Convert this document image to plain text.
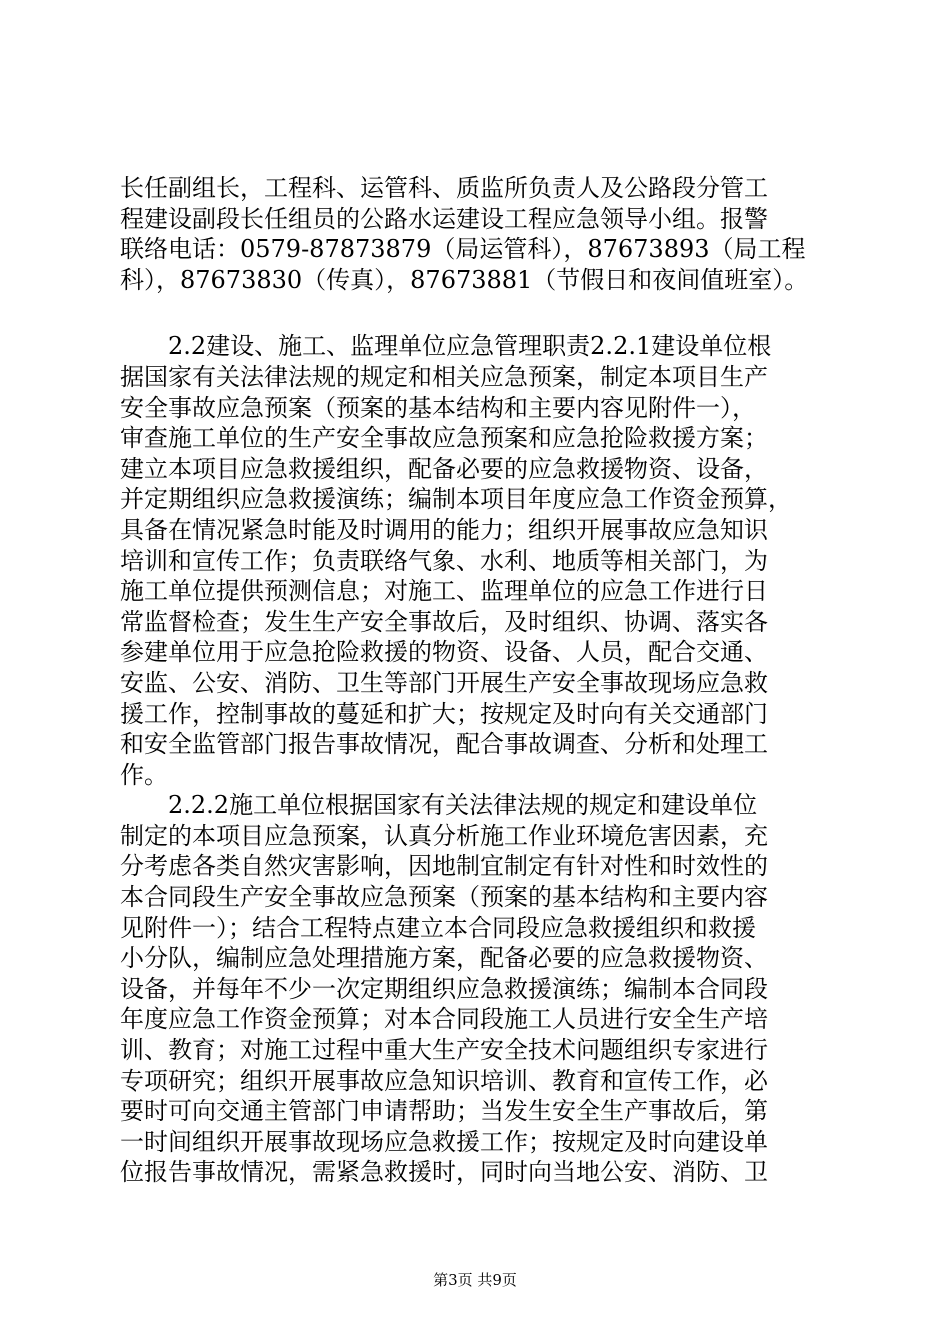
长任副组长，工程科、运管科、质监所负责人及公路段分管工
程建设副段长任组员的公路水运建设工程应急领导小组。报警
联络电话：0579-87873879（局运管科），87673893（局工程
科），87673830（传真），87673881（节假日和夜间值班室）。
　　2.2建设、施工、监理单位应急管理职责2.2.1建设单位根
据国家有关法律法规的规定和相关应急预案，制定本项目生产
安全事故应急预案（预案的基本结构和主要内容见附件一），
审查施工单位的生产安全事故应急预案和应急抢险救援方案；
建立本项目应急救援组织，配备必要的应急救援物资、设备，
并定期组织应急救援演练；编制本项目年度应急工作资金预算，
具备在情况紧急时能及时调用的能力；组织开展事故应急知识
培训和宣传工作；负责联络气象、水利、地质等相关部门，为
施工单位提供预测信息；对施工、监理单位的应急工作进行日
常监督检查；发生生产安全事故后，及时组织、协调、落实各
参建单位用于应急抢险救援的物资、设备、人员，配合交通、
安监、公安、消防、卫生等部门开展生产安全事故现场应急救
援工作，控制事故的蔓延和扩大；按规定及时向有关交通部门
和安全监管部门报告事故情况，配合事故调查、分析和处理工
作。
　　2.2.2施工单位根据国家有关法律法规的规定和建设单位
制定的本项目应急预案，认真分析施工作业环境危害因素，充
分考虑各类自然灾害影响，因地制宜制定有针对性和时效性的
本合同段生产安全事故应急预案（预案的基本结构和主要内容
见附件一）；结合工程特点建立本合同段应急救援组织和救援
小分队，编制应急处理措施方案，配备必要的应急救援物资、
设备，并每年不少一次定期组织应急救援演练；编制本合同段
年度应急工作资金预算；对本合同段施工人员进行安全生产培
训、教育；对施工过程中重大生产安全技术问题组织专家进行
专项研究；组织开展事故应急知识培训、教育和宣传工作，必
要时可向交通主管部门申请帮助；当发生安全生产事故后，第
一时间组织开展事故现场应急救援工作；按规定及时向建设单
位报告事故情况，需紧急救援时，同时向当地公安、消防、卫
第3页 共9页
